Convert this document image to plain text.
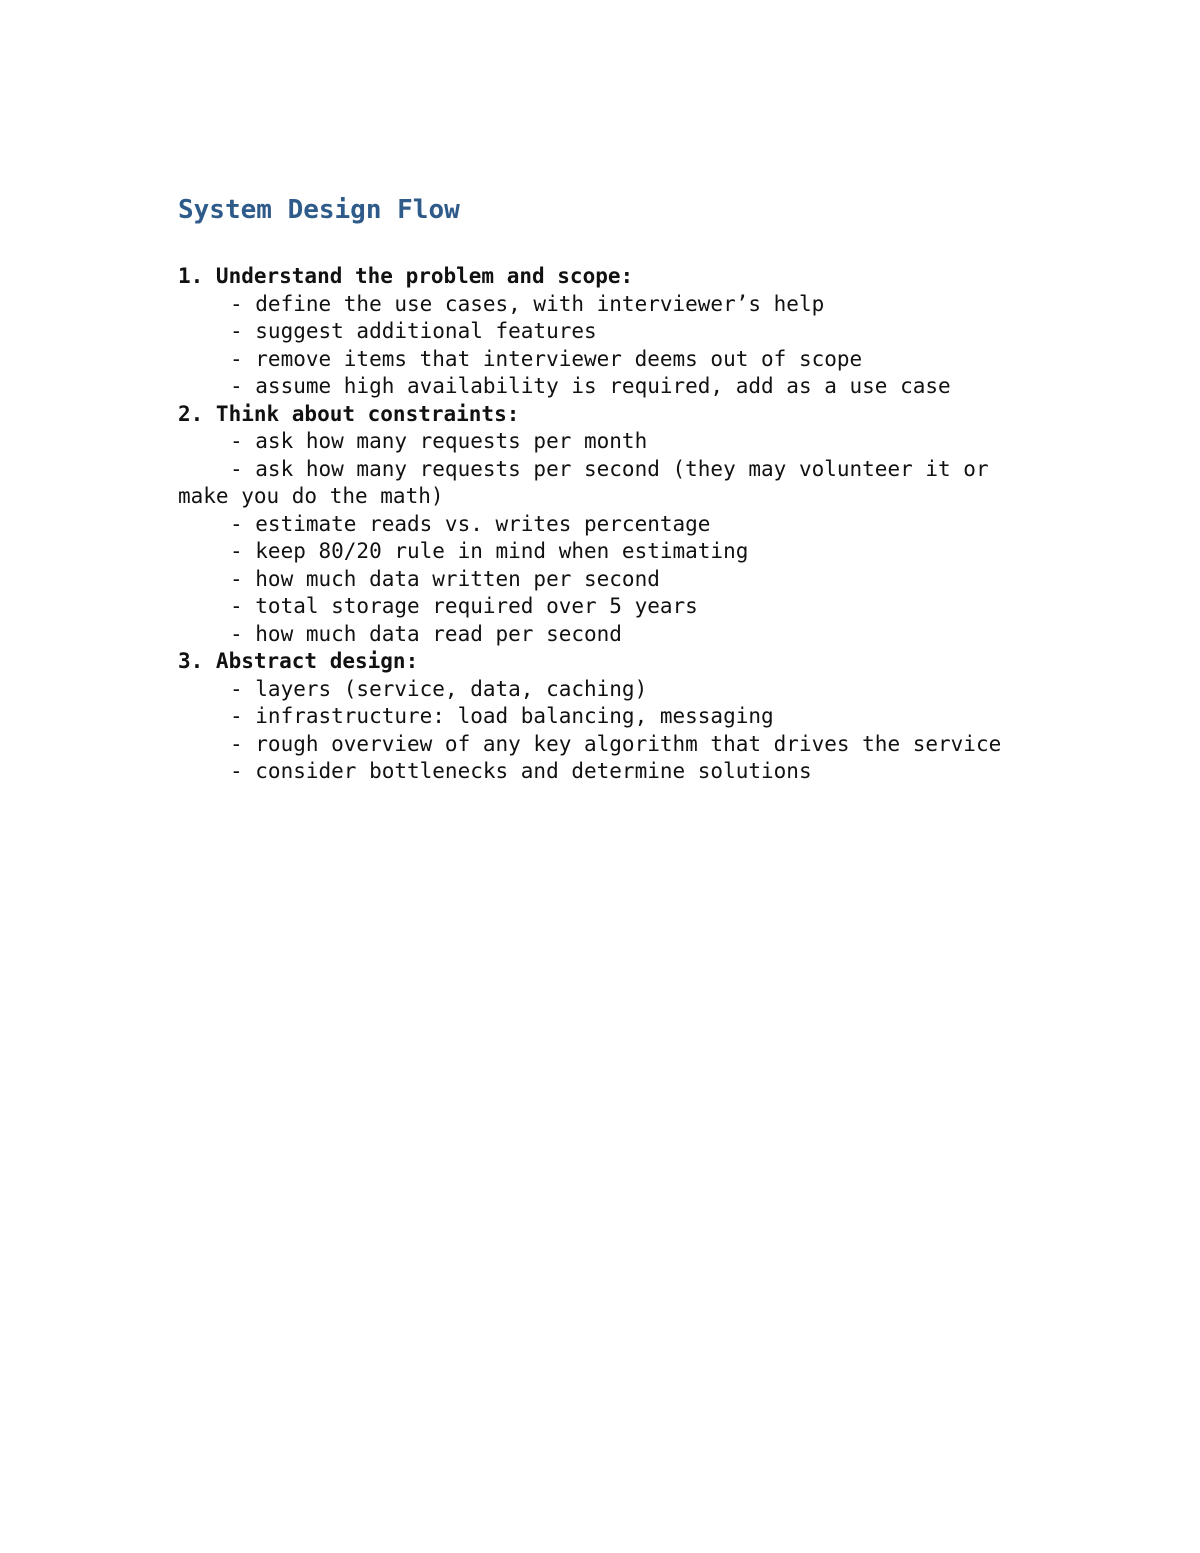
System Design Flow
1. Understand the problem and scope:
- define the use cases, with interviewer’s help
- suggest additional features
- remove items that interviewer deems out of scope
- assume high availability is required, add as a use case
2. Think about constraints:
- ask how many requests per month
- ask how many requests per second (they may volunteer it or
make you do the math)
- estimate reads vs. writes percentage
- keep 80/20 rule in mind when estimating
- how much data written per second
- total storage required over 5 years
- how much data read per second
3. Abstract design:
- layers (service, data, caching)
- infrastructure: load balancing, messaging
- rough overview of any key algorithm that drives the service
- consider bottlenecks and determine solutions
